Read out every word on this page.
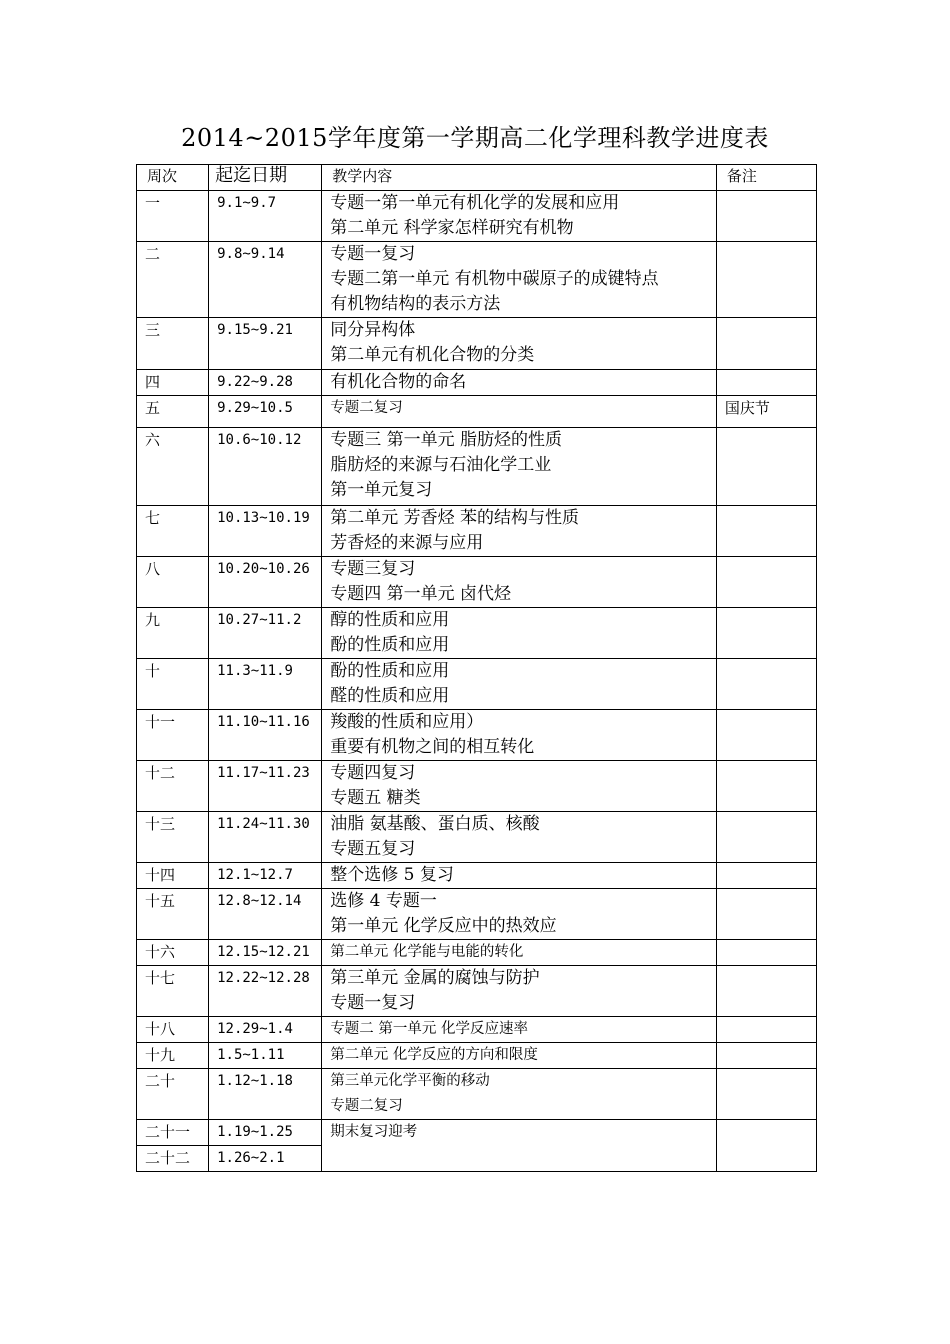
2014~2015学年度第一学期高二化学理科教学进度表
周次	起迄日期	教学内容	备注
一	9.1~9.7	专题一第一单元有机化学的发展和应用
第二单元 科学家怎样研究有机物	

二	9.8~9.14	专题一复习
专题二第一单元 有机物中碳原子的成键特点
有机物结构的表示方法	

三	9.15~9.21	同分异构体
第二单元有机化合物的分类	

四	9.22~9.28	有机化合物的命名	

五	9.29~10.5	专题二复习	国庆节
六	10.6~10.12	专题三 第一单元 脂肪烃的性质
脂肪烃的来源与石油化学工业
第一单元复习	

七	10.13~10.19	第二单元 芳香烃 苯的结构与性质
芳香烃的来源与应用	

八	10.20~10.26	专题三复习
专题四 第一单元 卤代烃	

九	10.27~11.2	醇的性质和应用
酚的性质和应用	

十	11.3~11.9	酚的性质和应用
醛的性质和应用	

十一	11.10~11.16	羧酸的性质和应用）
重要有机物之间的相互转化	

十二	11.17~11.23	专题四复习
专题五 糖类	

十三	11.24~11.30	油脂 氨基酸、蛋白质、核酸
专题五复习	

十四	12.1~12.7	整个选修 5 复习	

十五	12.8~12.14	选修 4 专题一
第一单元 化学反应中的热效应	

十六	12.15~12.21	第二单元 化学能与电能的转化	

十七	12.22~12.28	第三单元 金属的腐蚀与防护
专题一复习	

十八	12.29~1.4	专题二 第一单元 化学反应速率	

十九	1.5~1.11	第二单元 化学反应的方向和限度	

二十	1.12~1.18	第三单元化学平衡的移动
专题二复习	

二十一	1.19~1.25	期末复习迎考	

二十二	1.26~2.1		
